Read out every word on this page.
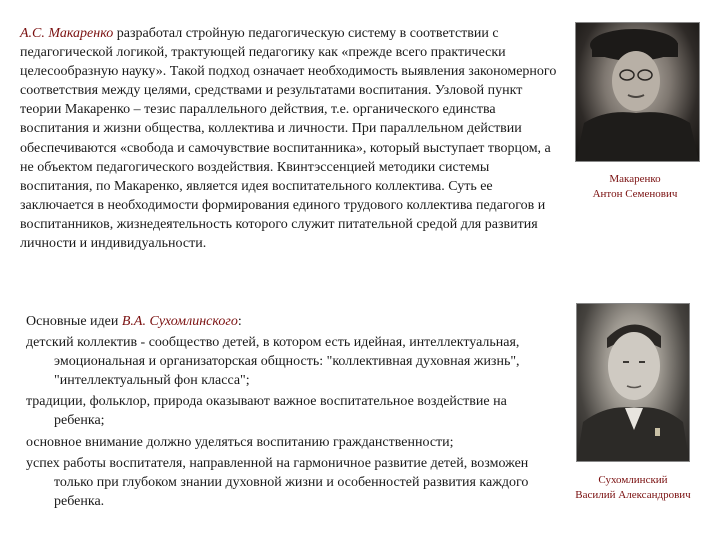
А.С. Макаренко разработал стройную педагогическую систему в соответствии с педагогической логикой, трактующей педагогику как «прежде всего практически целесообразную науку». Такой подход означает необходимость выявления закономерного соответствия между целями, средствами и результатами воспитания. Узловой пункт теории Макаренко – тезис параллельного действия, т.е. органического единства воспитания и жизни общества, коллектива и личности. При параллельном действии обеспечиваются «свобода и самочувствие воспитанника», который выступает творцом, а не объектом педагогического воздействия. Квинтэссенцией методики системы воспитания, по Макаренко, является идея воспитательного коллектива. Суть ее заключается в необходимости формирования единого трудового коллектива педагогов и воспитанников, жизнедеятельность которого служит питательной средой для развития личности и индивидуальности.
Макаренко
Антон Семенович
Основные идеи В.А. Сухомлинского:
детский коллектив - сообщество детей, в котором есть идейная, интеллектуальная, эмоциональная и организаторская общность: "коллективная духовная жизнь", "интеллектуальный фон класса";
традиции, фольклор, природа оказывают важное воспитательное воздействие на ребенка;
основное внимание должно уделяться воспитанию гражданственности;
успех работы воспитателя, направленной на гармоничное развитие детей, возможен только при глубоком знании духовной жизни и особенностей развития каждого ребенка.
Сухомлинский
Василий Александрович
